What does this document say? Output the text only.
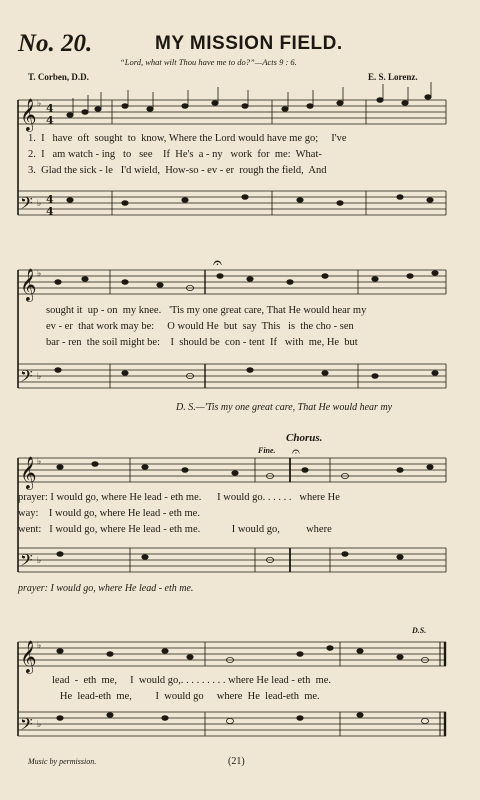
No. 20.	MY MISSION FIELD.
“Lord, what wilt Thou have me to do?”—Acts 9 : 6.
T. Corben, D.D.	E. S. Lorenz.
𝄞
𝄢
♭
♭
4
4
4
4
𝄞
𝄢
♭
♭
𝄞
𝄢
♭
♭
𝄞
𝄢
♭
♭
𝄐
𝄐
1.  I   have  oft  sought  to  know, Where the Lord would have me go;     I've
2.  I   am watch - ing   to   see    If  He's  a - ny   work  for  me:  What-
3.  Glad the sick - le   I'd wield,  How-so - ev - er  rough the field,  And
sought it  up - on  my knee.   'Tis my one great care, That He would hear my
ev - er  that work may be:     O would He  but  say  This   is  the cho - sen
bar - ren  the soil might be:    I  should be  con - tent  If   with  me, He  but
D. S.—'Tis my one great care, That He would hear my
Chorus.
Fine.
prayer: I would go, where He lead - eth me.      I would go. . . . . .   where He
way:    I would go, where He lead - eth me.
went:   I would go, where He lead - eth me.            I would go,          where
prayer: I would go, where He lead - eth me.
D.S.
lead  -  eth  me,     I  would go,. . . . . . . . . where He lead - eth  me.
He  lead-eth  me,         I  would go     where  He  lead-eth  me.
Music by permission.	(21)
